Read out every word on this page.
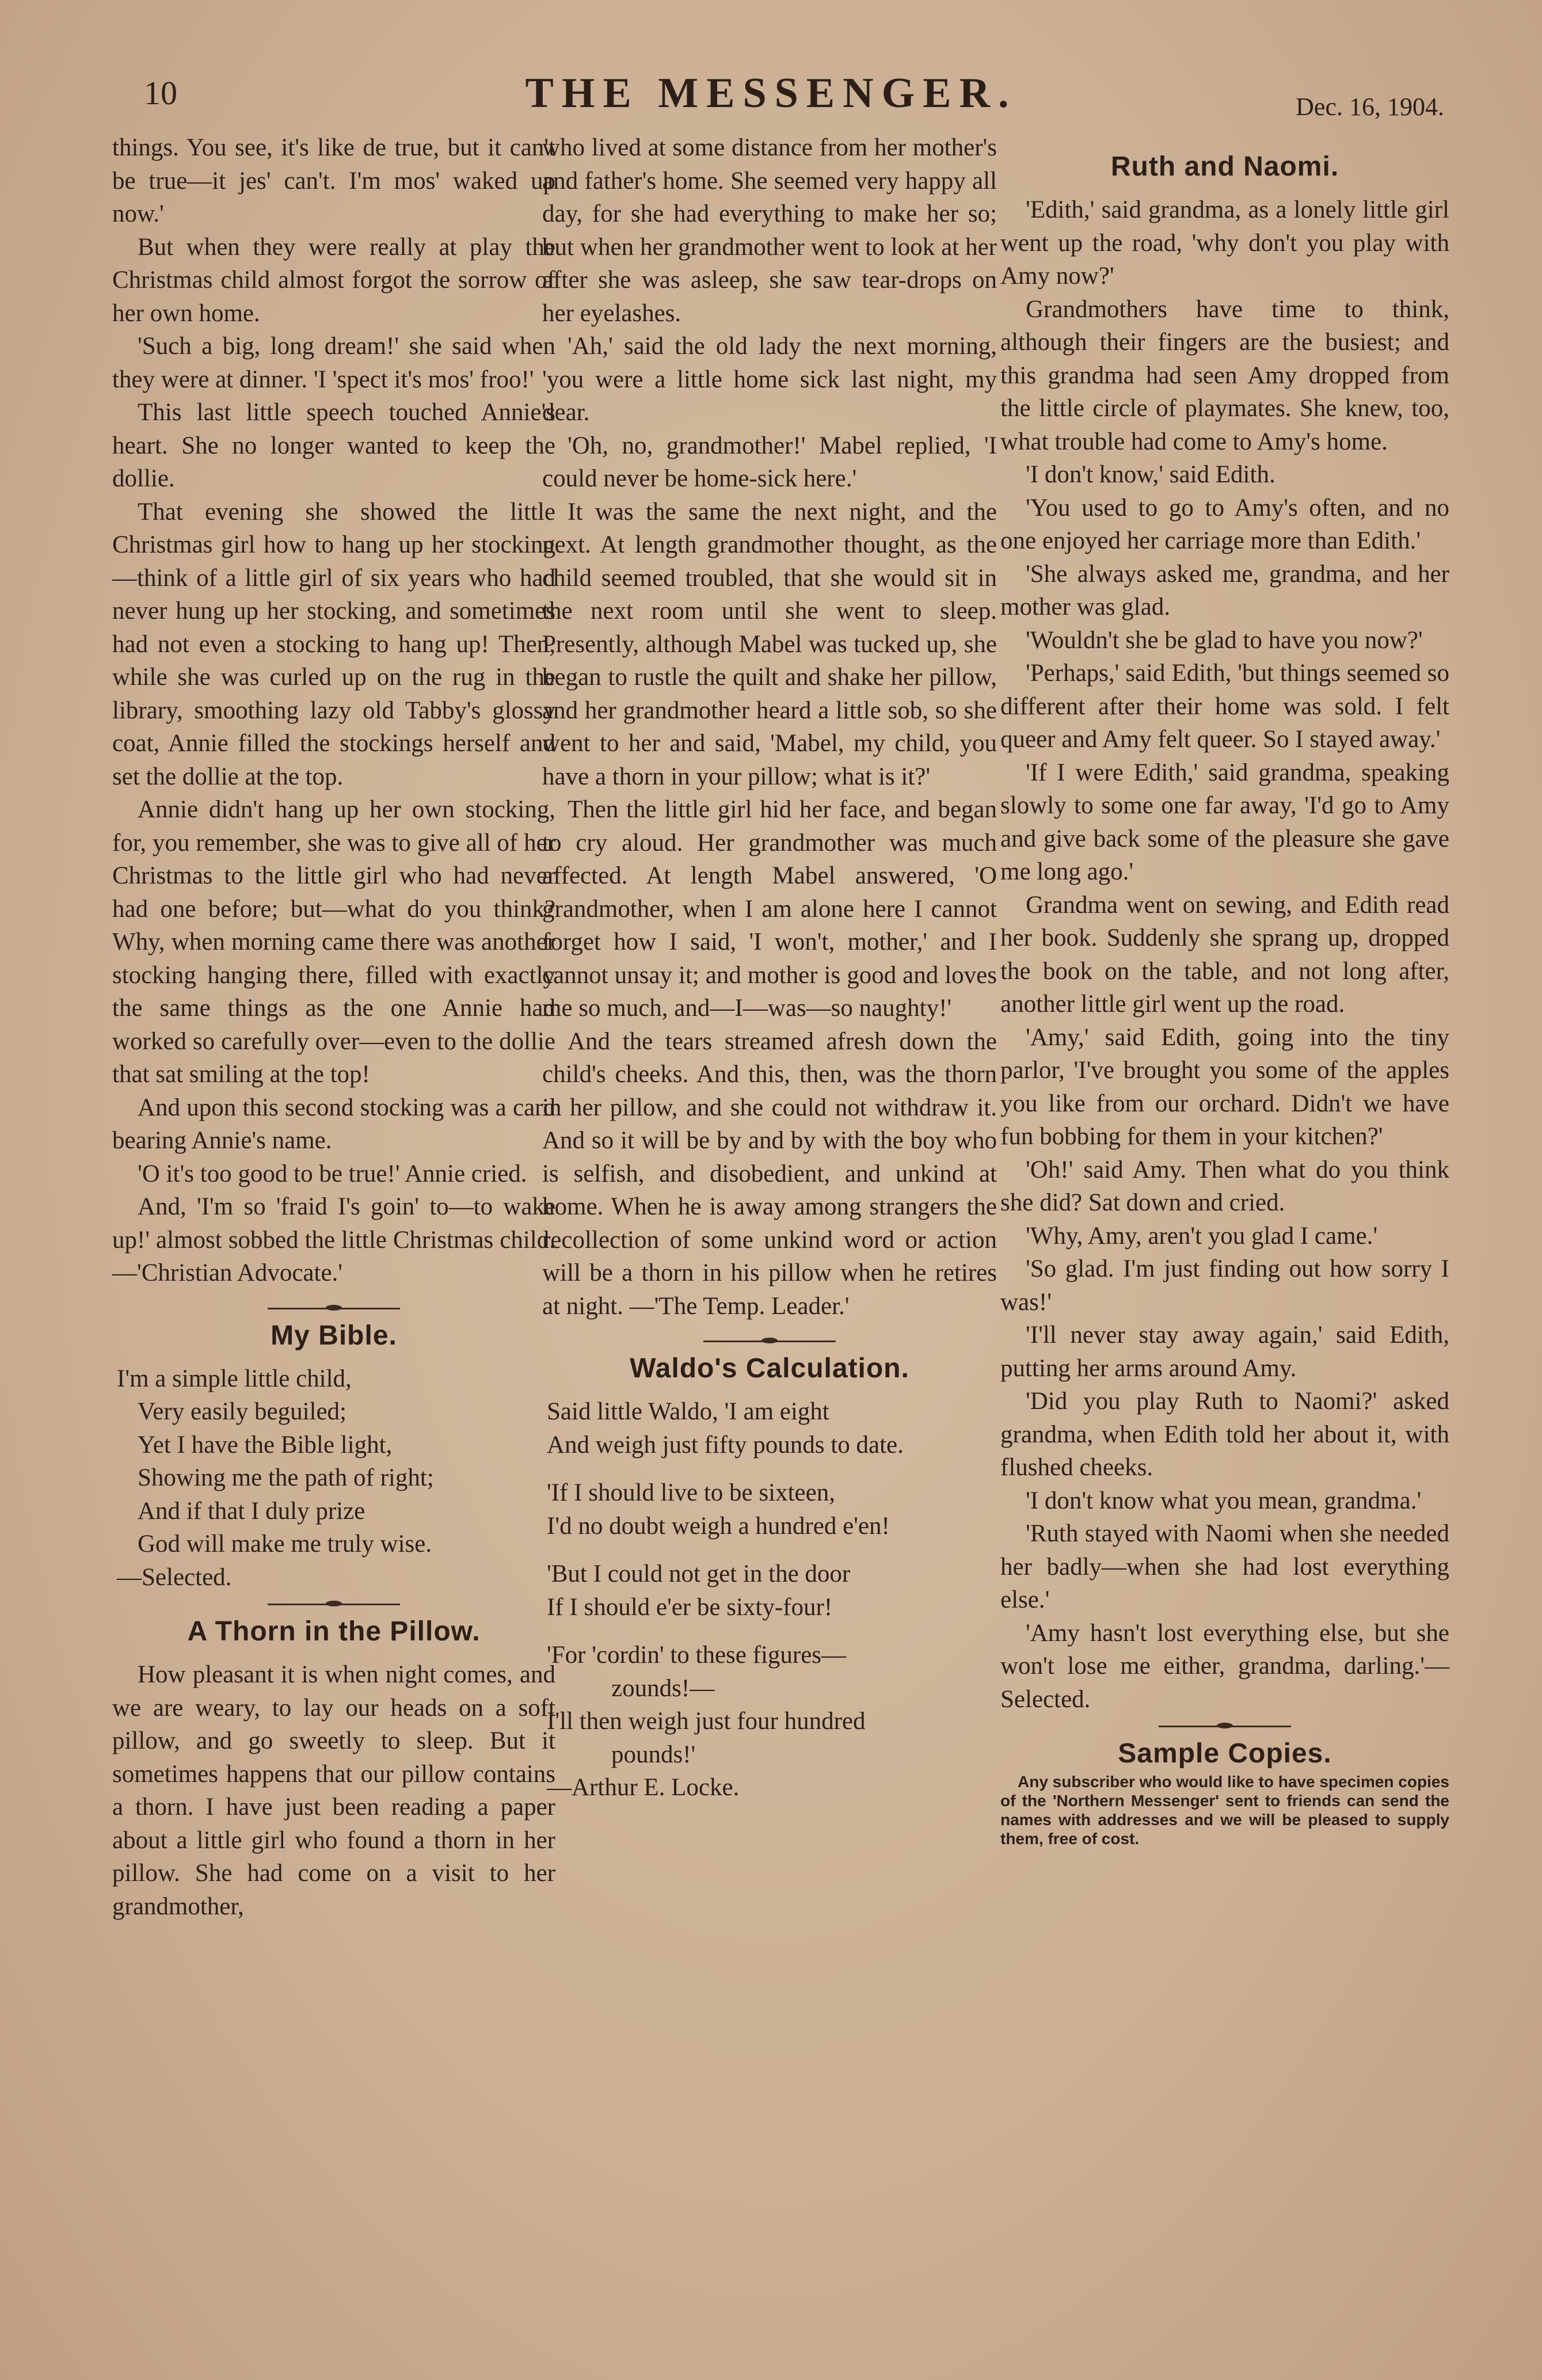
10	THE MESSENGER.	Dec. 16, 1904.

things. You see, it's like de true, but it can't be true—it jes' can't. I'm mos' waked up now.'

But when they were really at play the Christmas child almost forgot the sorrow of her own home.

'Such a big, long dream!' she said when they were at dinner. 'I 'spect it's mos' froo!'

This last little speech touched Annie's heart. She no longer wanted to keep the dollie.

That evening she showed the little Christmas girl how to hang up her stocking—think of a little girl of six years who had never hung up her stocking, and sometimes had not even a stocking to hang up! Then, while she was curled up on the rug in the library, smoothing lazy old Tabby's glossy coat, Annie filled the stockings herself and set the dollie at the top.

Annie didn't hang up her own stocking, for, you remember, she was to give all of her Christmas to the little girl who had never had one before; but—what do you think? Why, when morning came there was another stocking hanging there, filled with exactly the same things as the one Annie had worked so carefully over—even to the dollie that sat smiling at the top!

And upon this second stocking was a card bearing Annie's name.

'O it's too good to be true!' Annie cried.

And, 'I'm so 'fraid I's goin' to—to wake up!' almost sobbed the little Christmas child.—'Christian Advocate.'

My Bible.

I'm a simple little child,

Very easily beguiled;

Yet I have the Bible light,

Showing me the path of right;

And if that I duly prize

God will make me truly wise.

—Selected.

A Thorn in the Pillow.

How pleasant it is when night comes, and we are weary, to lay our heads on a soft pillow, and go sweetly to sleep. But it sometimes happens that our pillow contains a thorn. I have just been reading a paper about a little girl who found a thorn in her pillow. She had come on a visit to her grandmother,

who lived at some distance from her mother's and father's home. She seemed very happy all day, for she had everything to make her so; but when her grandmother went to look at her after she was asleep, she saw tear-drops on her eyelashes.

'Ah,' said the old lady the next morning, 'you were a little home sick last night, my dear.

'Oh, no, grandmother!' Mabel replied, 'I could never be home-sick here.'

It was the same the next night, and the next. At length grandmother thought, as the child seemed troubled, that she would sit in the next room until she went to sleep. Presently, although Mabel was tucked up, she began to rustle the quilt and shake her pillow, and her grandmother heard a little sob, so she went to her and said, 'Mabel, my child, you have a thorn in your pillow; what is it?'

Then the little girl hid her face, and began to cry aloud. Her grandmother was much affected. At length Mabel answered, 'O grandmother, when I am alone here I cannot forget how I said, 'I won't, mother,' and I cannot unsay it; and mother is good and loves me so much, and—I—was—so naughty!'

And the tears streamed afresh down the child's cheeks. And this, then, was the thorn in her pillow, and she could not withdraw it. And so it will be by and by with the boy who is selfish, and disobedient, and unkind at home. When he is away among strangers the recollection of some unkind word or action will be a thorn in his pillow when he retires at night. —'The Temp. Leader.'

Waldo's Calculation.

Said little Waldo, 'I am eight

And weigh just fifty pounds to date.

'If I should live to be sixteen,

I'd no doubt weigh a hundred e'en!

'But I could not get in the door

If I should e'er be sixty-four!

'For 'cordin' to these figures—

zounds!—

I'll then weigh just four hundred

pounds!'

—Arthur E. Locke.

Ruth and Naomi.

'Edith,' said grandma, as a lonely little girl went up the road, 'why don't you play with Amy now?'

Grandmothers have time to think, although their fingers are the busiest; and this grandma had seen Amy dropped from the little circle of playmates. She knew, too, what trouble had come to Amy's home.

'I don't know,' said Edith.

'You used to go to Amy's often, and no one enjoyed her carriage more than Edith.'

'She always asked me, grandma, and her mother was glad.

'Wouldn't she be glad to have you now?'

'Perhaps,' said Edith, 'but things seemed so different after their home was sold. I felt queer and Amy felt queer. So I stayed away.'

'If I were Edith,' said grandma, speaking slowly to some one far away, 'I'd go to Amy and give back some of the pleasure she gave me long ago.'

Grandma went on sewing, and Edith read her book. Suddenly she sprang up, dropped the book on the table, and not long after, another little girl went up the road.

'Amy,' said Edith, going into the tiny parlor, 'I've brought you some of the apples you like from our orchard. Didn't we have fun bobbing for them in your kitchen?'

'Oh!' said Amy. Then what do you think she did? Sat down and cried.

'Why, Amy, aren't you glad I came.'

'So glad. I'm just finding out how sorry I was!'

'I'll never stay away again,' said Edith, putting her arms around Amy.

'Did you play Ruth to Naomi?' asked grandma, when Edith told her about it, with flushed cheeks.

'I don't know what you mean, grandma.'

'Ruth stayed with Naomi when she needed her badly—when she had lost everything else.'

'Amy hasn't lost everything else, but she won't lose me either, grandma, darling.'—Selected.

Sample Copies.

Any subscriber who would like to have specimen copies of the 'Northern Messenger' sent to friends can send the names with addresses and we will be pleased to supply them, free of cost.
